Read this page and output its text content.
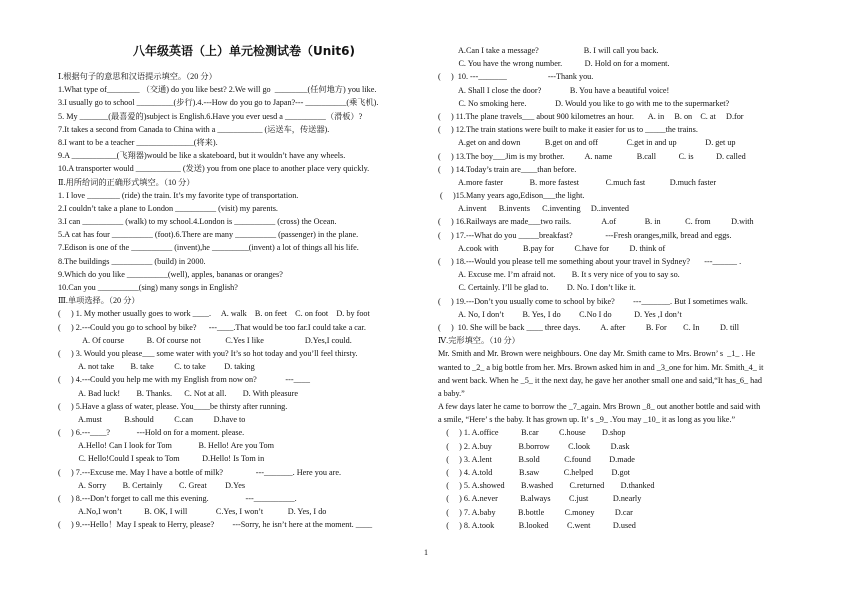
八年级英语（上）单元检测试卷（Unit6)
Ⅰ.根据句子的意思和汉语提示填空。（20 分）
1.What type of________ （交通) do you like best? 2.We will go  ________(任何地方) you like.
3.I usually go to school _________(步行).4.---How do you go to Japan?--- __________(乘飞机).
5. My _______(最喜爱的)subject is English.6.Have you ever uesd a __________（滑板）?
7.It takes a second from Canada to China with a ___________ (运送车，传送器).
8.I want to be a teacher ______________(将来).
9.A ___________(飞翔器)would be like a skateboard, but it wouldn’t have any wheels.
10.A transporter would ___________ (发送) you from one place to another place very quickly.
Ⅱ.用所给词的正确形式填空。（10 分）
1. I love ________ (ride) the train. It’s my favorite type of transportation.
2.I couldn’t take a plane to London __________ (visit) my parents.
3.I can __________ (walk) to my school.4.London is __________ (cross) the Ocean.
5.A cat has four __________ (foot).6.There are many __________ (passenger) in the plane.
7.Edison is one of the __________ (invent),he _________(invent) a lot of things all his life.
8.The buildings __________ (build) in 2000.
9.Which do you like __________(well), apples, bananas or oranges?
10.Can you __________(sing) many songs in English?
Ⅲ.单项选择。（20 分）
(     ) 1. My mother usually goes to work ____.     A. walk    B. on feet    C. on foot    D. by foot
(     ) 2.---Could you go to school by bike?      ---____.That would be too far.I could take a car.
A. Of course           B. Of course not            C.Yes I like                    D.Yes,I could.
(     ) 3. Would you please___ some water with you? It’s so hot today and you’ll feel thirsty.
A. not take        B. take          C. to take         D. taking
(     ) 4.---Could you help me with my English from now on?              ---____
A. Bad luck!        B. Thanks.      C. Not at all.        D. With pleasure
(     ) 5.Have a glass of water, please. You____be thirsty after running.
A.must           B.should          C.can          D.have to
(     ) 6.---____?             ---Hold on for a moment. please.
A.Hello! Can I look for Tom             B. Hello! Are you Tom
C. Hello!Could I speak to Tom           D.Hello! Is Tom in
(     ) 7.---Excuse me. May I have a bottle of milk?                ---_______. Here you are.
A. Sorry        B. Certainly        C. Great         D.Yes
(     ) 8.---Don’t forget to call me this evening.                  ---__________.
A.No,I won’t           B. OK, I will              C.Yes, I won’t            D. Yes, I do
(     ) 9.---Hello！May I speak to Herry, please?         ---Sorry, he isn’t here at the moment. ____
A.Can I take a message?                      B. I will call you back.
C. You have the wrong number.           D. Hold on for a moment.
(     )  10. ---_______                    ---Thank you.
A. Shall I close the door?              B. You have a beautiful voice!
C. No smoking here.              D. Would you like to go with me to the supermarket?
(     ) 11.The plane travels___ about 900 kilometres an hour.       A. in     B. on    C. at     D.for
(     ) 12.The train stations were built to make it easier for us to _____the trains.
A.get on and down            B.get on and off              C.get in and up              D. get up
(     ) 13.The boy___Jim is my brother.          A. name            B.call           C. is           D. called
(     ) 14.Today’s train are____than before.
A.more faster             B. more fastest             C.much fast            D.much faster
(     )15.Many years ago,Edison___the light.
A.invent      B.invents      C.inventing     D..invented
(     ) 16.Railways are made___two rails.               A.of              B. in            C. from          D.with
(     ) 17.---What do you _____breakfast?                ---Fresh oranges,milk, bread and eggs.
A.cook with            B.pay for          C.have for          D. think of
(     ) 18.---Would you please tell me something about your travel in Sydney?       ---______ .
A. Excuse me. I’m afraid not.        B. It s very nice of you to say so.
C. Certainly. I’ll be glad to.         D. No. I don’t like it.
(     ) 19.---Don’t you usually come to school by bike?         ---_______. But I sometimes walk.
A. No, I don’t         B. Yes, I do         C.No I do           D. Yes ,I don’t
(     )  10. She will be back ____ three days.          A. after          B. For        C. In          D. till
Ⅳ.完形填空。（10 分）
Mr. Smith and Mr. Brown were neighbours. One day Mr. Smith came to Mrs. Brown’ s  _1_ . He
wanted to _2_ a big bottle from her. Mrs. Brown asked him in and _3_one for him. Mr. Smith_4_ it
and went back. When he _5_ it the next day, he gave her another small one and said,“It has_6_ had
a baby.”
A few days later he came to borrow the _7_again. Mrs Brown _8_ out another bottle and said with
a smile, “Here’ s the baby. It has grown up. It’ s _9_ .You may _10_ it as long as you like.”
(     ) 1. A.office           B.car          C.house        D.shop
(     ) 2. A.buy             B.borrow         C.look          D.ask
(     ) 3. A.lent             B.sold            C.found         D.made
(     ) 4. A.told             B.saw            C.helped         D.got
(     ) 5. A.showed        B.washed        C.returned        D.thanked
(     ) 6. A.never           B.always         C.just            D.nearly
(     ) 7. A.baby           B.bottle          C.money          D.car
(     ) 8. A.took            B.looked         C.went           D.used
1
